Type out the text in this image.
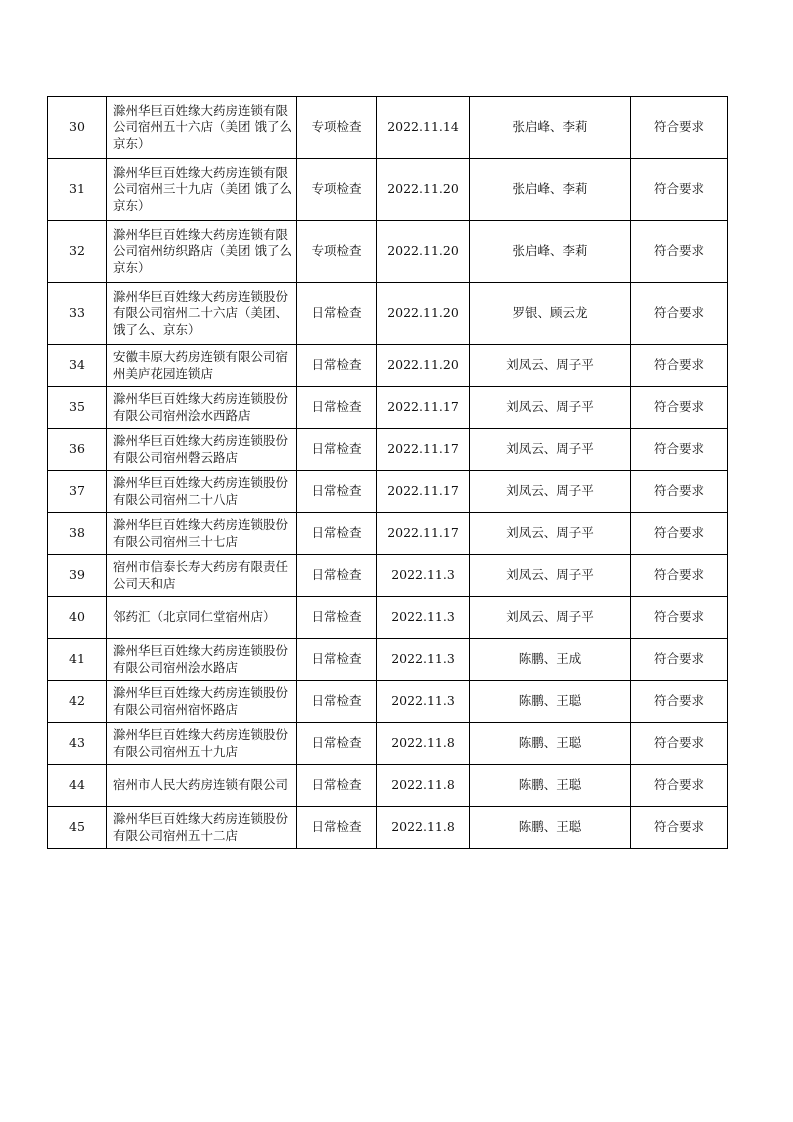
30	滁州华巨百姓缘大药房连锁有限公司宿州五十六店（美团 饿了么京东）	专项检查	2022.11.14	张启峰、李莉	符合要求
31	滁州华巨百姓缘大药房连锁有限公司宿州三十九店（美团 饿了么京东）	专项检查	2022.11.20	张启峰、李莉	符合要求
32	滁州华巨百姓缘大药房连锁有限公司宿州纺织路店（美团 饿了么京东）	专项检查	2022.11.20	张启峰、李莉	符合要求
33	滁州华巨百姓缘大药房连锁股份有限公司宿州二十六店（美团、饿了么、京东）	日常检查	2022.11.20	罗银、顾云龙	符合要求
34	安徽丰原大药房连锁有限公司宿州美庐花园连锁店	日常检查	2022.11.20	刘凤云、周子平	符合要求
35	滁州华巨百姓缘大药房连锁股份有限公司宿州浍水西路店	日常检查	2022.11.17	刘凤云、周子平	符合要求
36	滁州华巨百姓缘大药房连锁股份有限公司宿州磬云路店	日常检查	2022.11.17	刘凤云、周子平	符合要求
37	滁州华巨百姓缘大药房连锁股份有限公司宿州二十八店	日常检查	2022.11.17	刘凤云、周子平	符合要求
38	滁州华巨百姓缘大药房连锁股份有限公司宿州三十七店	日常检查	2022.11.17	刘凤云、周子平	符合要求
39	宿州市信泰长寿大药房有限责任公司天和店	日常检查	2022.11.3	刘凤云、周子平	符合要求
40	邻药汇（北京同仁堂宿州店）	日常检查	2022.11.3	刘凤云、周子平	符合要求
41	滁州华巨百姓缘大药房连锁股份有限公司宿州浍水路店	日常检查	2022.11.3	陈鹏、王成	符合要求
42	滁州华巨百姓缘大药房连锁股份有限公司宿州宿怀路店	日常检查	2022.11.3	陈鹏、王聪	符合要求
43	滁州华巨百姓缘大药房连锁股份有限公司宿州五十九店	日常检查	2022.11.8	陈鹏、王聪	符合要求
44	宿州市人民大药房连锁有限公司	日常检查	2022.11.8	陈鹏、王聪	符合要求
45	滁州华巨百姓缘大药房连锁股份有限公司宿州五十二店	日常检查	2022.11.8	陈鹏、王聪	符合要求
